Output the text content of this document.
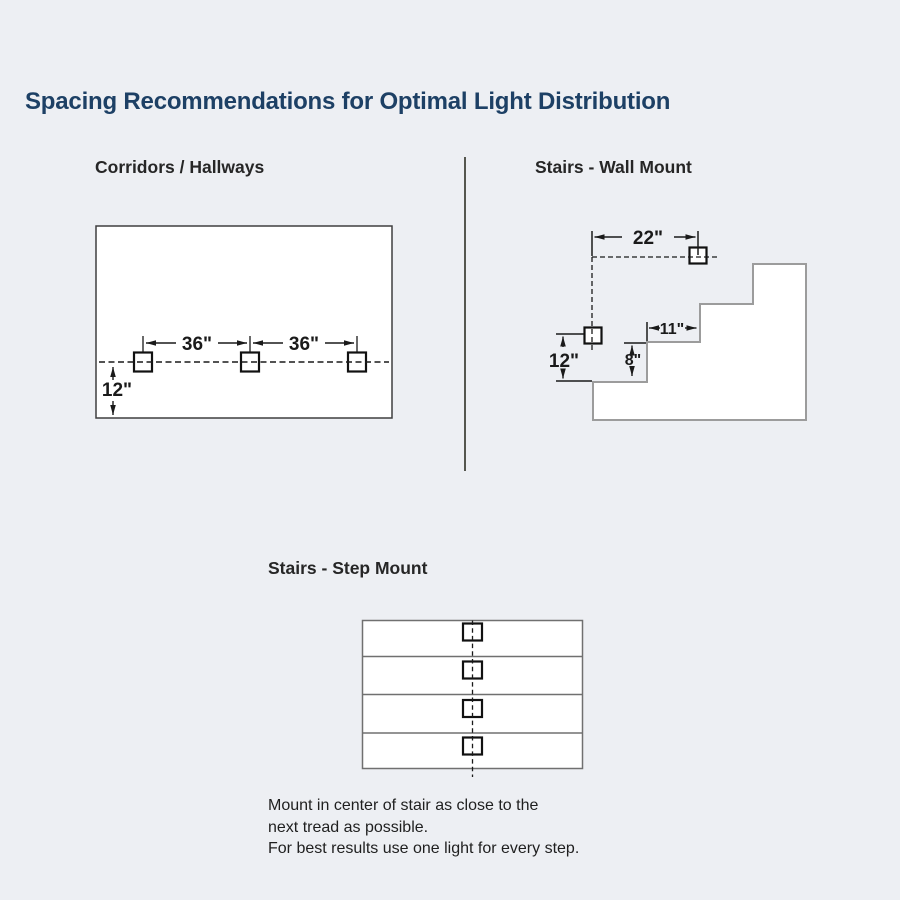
Spacing Recommendations for Optimal Light Distribution
Corridors / Hallways	Stairs - Wall Mount
Stairs - Step Mount
36"	36"
12"
22"
12"
11"
8"
Mount in center of stair as close to the
next tread as possible.
For best results use one light for every step.
